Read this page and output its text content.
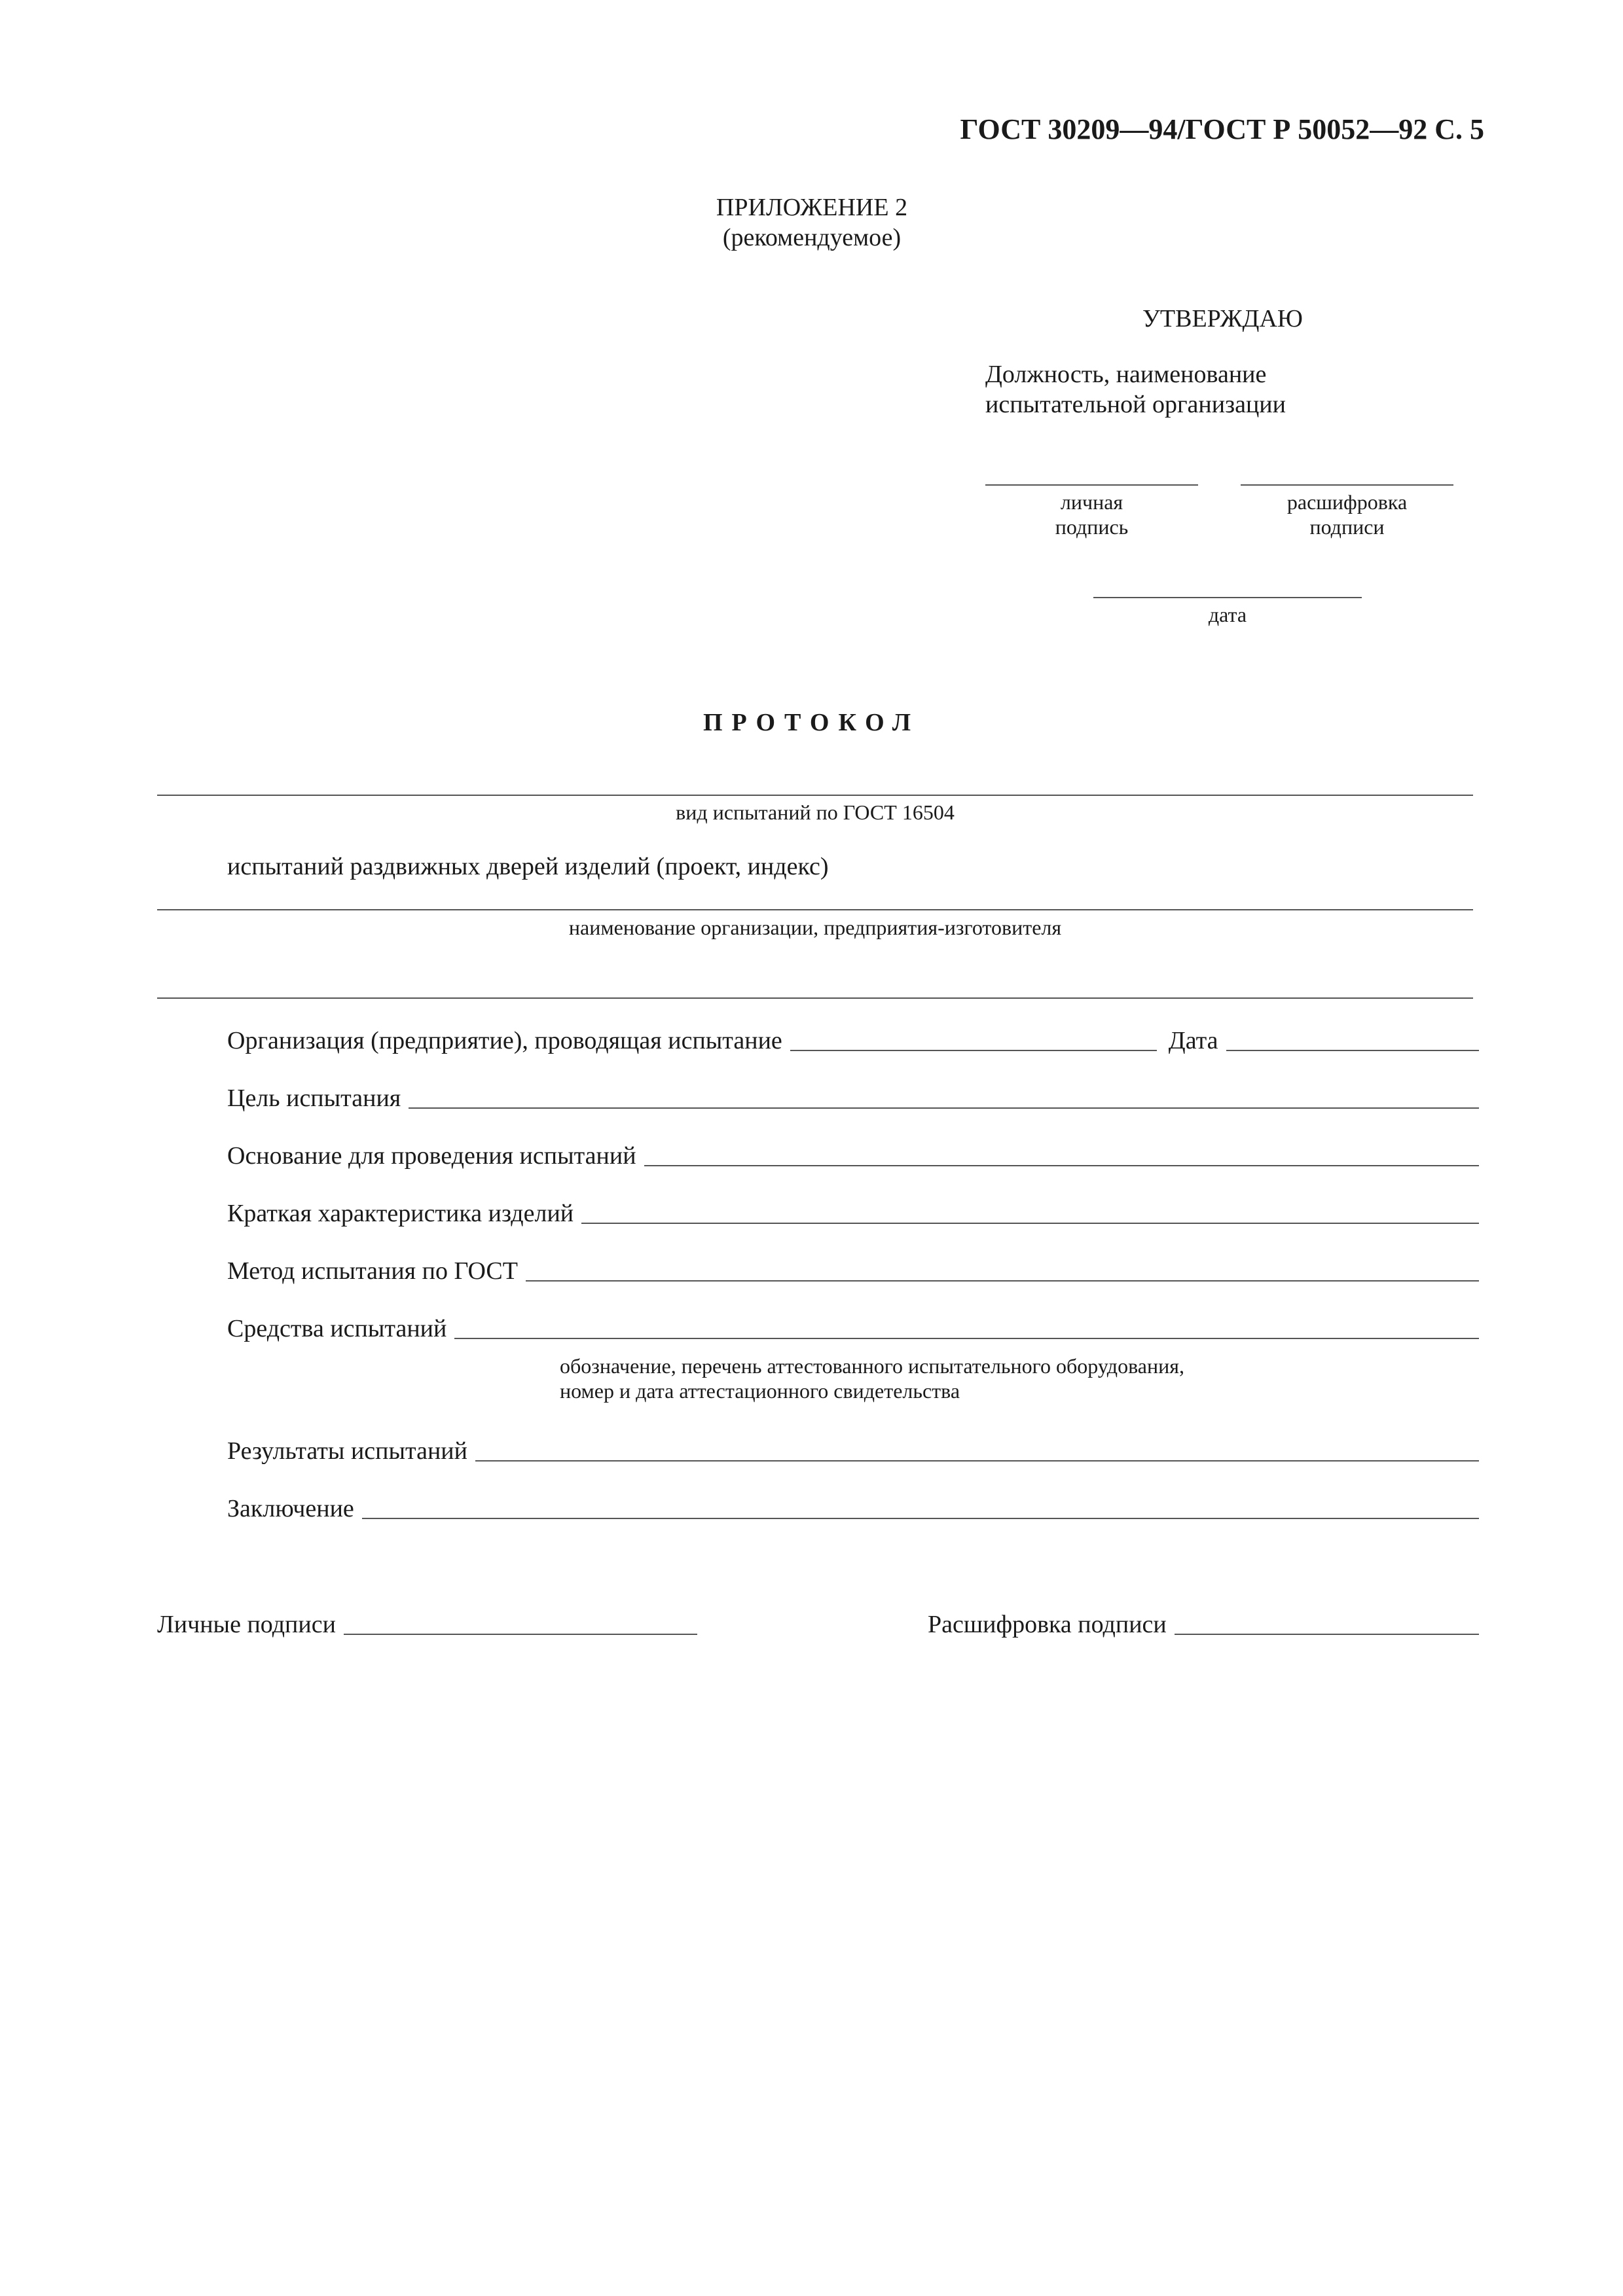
ГОСТ 30209—94/ГОСТ Р 50052—92 С. 5
ПРИЛОЖЕНИЕ 2
(рекомендуемое)
УТВЕРЖДАЮ
Должность, наименование
испытательной организации
личная
подпись
расшифровка
подписи
дата
ПРОТОКОЛ
вид испытаний по ГОСТ 16504
испытаний раздвижных дверей изделий (проект, индекс)
наименование организации, предприятия-изготовителя
Организация (предприятие), проводящая испытание	Дата
Цель испытания
Основание для проведения испытаний
Краткая характеристика изделий
Метод испытания по ГОСТ
Средства испытаний
обозначение, перечень аттестованного испытательного оборудования,
номер и дата аттестационного свидетельства
Результаты испытаний
Заключение
Личные подписи	Расшифровка подписи
